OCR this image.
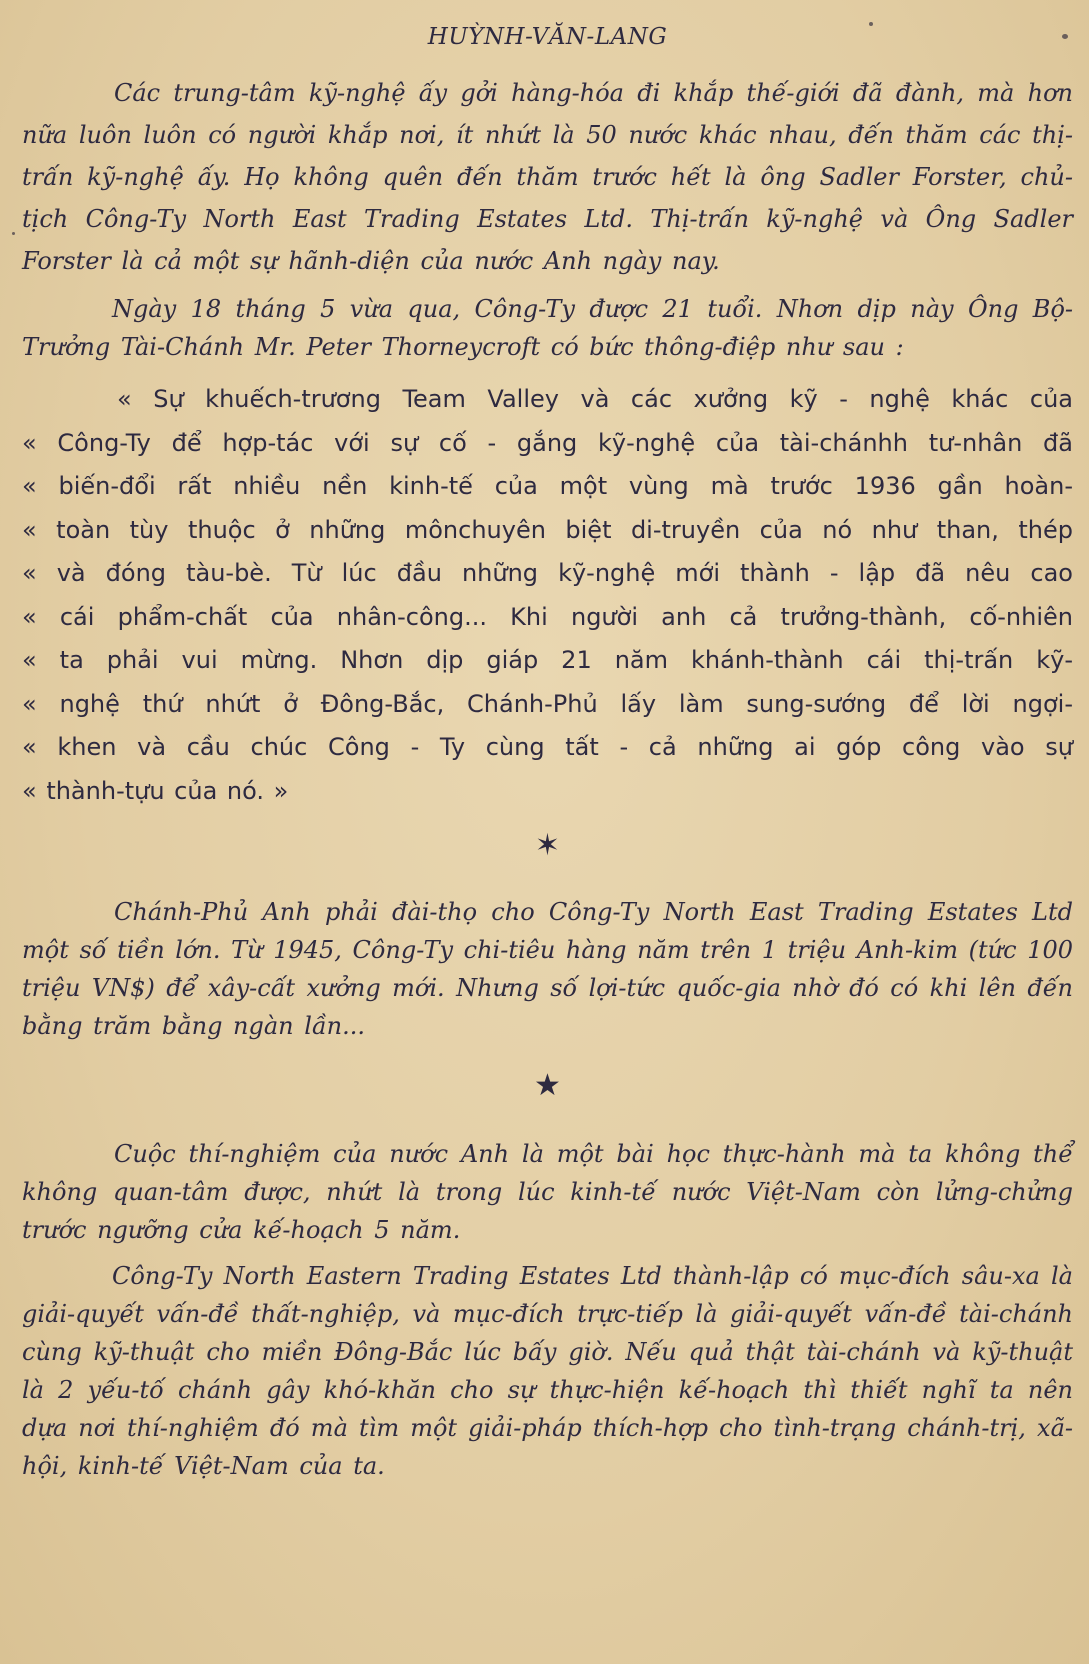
HUỲNH-VĂN-LANG

Các trung-tâm kỹ-nghệ ấy gởi hàng-hóa đi khắp thế-giới đã đành, mà hơn nữa luôn luôn có người khắp nơi, ít nhứt là 50 nước khác nhau, đến thăm các thị-trấn kỹ-nghệ ấy. Họ không quên đến thăm trước hết là ông Sadler Forster, chủ-tịch Công-Ty North East Trading Estates Ltd. Thị-trấn kỹ-nghệ và Ông Sadler Forster là cả một sự hãnh-diện của nước Anh ngày nay.

Ngày 18 tháng 5 vừa qua, Công-Ty được 21 tuổi. Nhơn dịp này Ông Bộ-Trưởng Tài-Chánh Mr. Peter Thorneycroft có bức thông-điệp như sau :

« Sự khuếch-trương Team Valley và các xưởng kỹ - nghệ khác của
« Công-Ty để hợp-tác với sự cố - gắng kỹ-nghệ của tài-chánhh tư-nhân đã
« biến-đổi rất nhiều nền kinh-tế của một vùng mà trước 1936 gần hoàn-
« toàn tùy thuộc ở những mônchuyên biệt di-truyền của nó như than, thép
« và đóng tàu-bè. Từ lúc đầu những kỹ-nghệ mới thành - lập đã nêu cao
« cái phẩm-chất của nhân-công... Khi người anh cả trưởng-thành, cố-nhiên
« ta phải vui mừng. Nhơn dịp giáp 21 năm khánh-thành cái thị-trấn kỹ-
« nghệ thứ nhứt ở Đông-Bắc, Chánh-Phủ lấy làm sung-sướng để lời ngợi-
« khen và cầu chúc Công - Ty cùng tất - cả những ai góp công vào sự
« thành-tựu của nó. »
✶

Chánh-Phủ Anh phải đài-thọ cho Công-Ty North East Trading Estates Ltd một số tiền lớn. Từ 1945, Công-Ty chi-tiêu hàng năm trên 1 triệu Anh-kim (tức 100 triệu VN$) để xây-cất xưởng mới. Nhưng số lợi-tức quốc-gia nhờ đó có khi lên đến bằng trăm bằng ngàn lần...

★

Cuộc thí-nghiệm của nước Anh là một bài học thực-hành mà ta không thể không quan-tâm được, nhứt là trong lúc kinh-tế nước Việt-Nam còn lửng-chửng trước ngưỡng cửa kế-hoạch 5 năm.

Công-Ty North Eastern Trading Estates Ltd thành-lập có mục-đích sâu-xa là giải-quyết vấn-đề thất-nghiệp, và mục-đích trực-tiếp là giải-quyết vấn-đề tài-chánh cùng kỹ-thuật cho miền Đông-Bắc lúc bấy giờ. Nếu quả thật tài-chánh và kỹ-thuật là 2 yếu-tố chánh gây khó-khăn cho sự thực-hiện kế-hoạch thì thiết nghĩ ta nên dựa nơi thí-nghiệm đó mà tìm một giải-pháp thích-hợp cho tình-trạng chánh-trị, xã-hội, kinh-tế Việt-Nam của ta.
